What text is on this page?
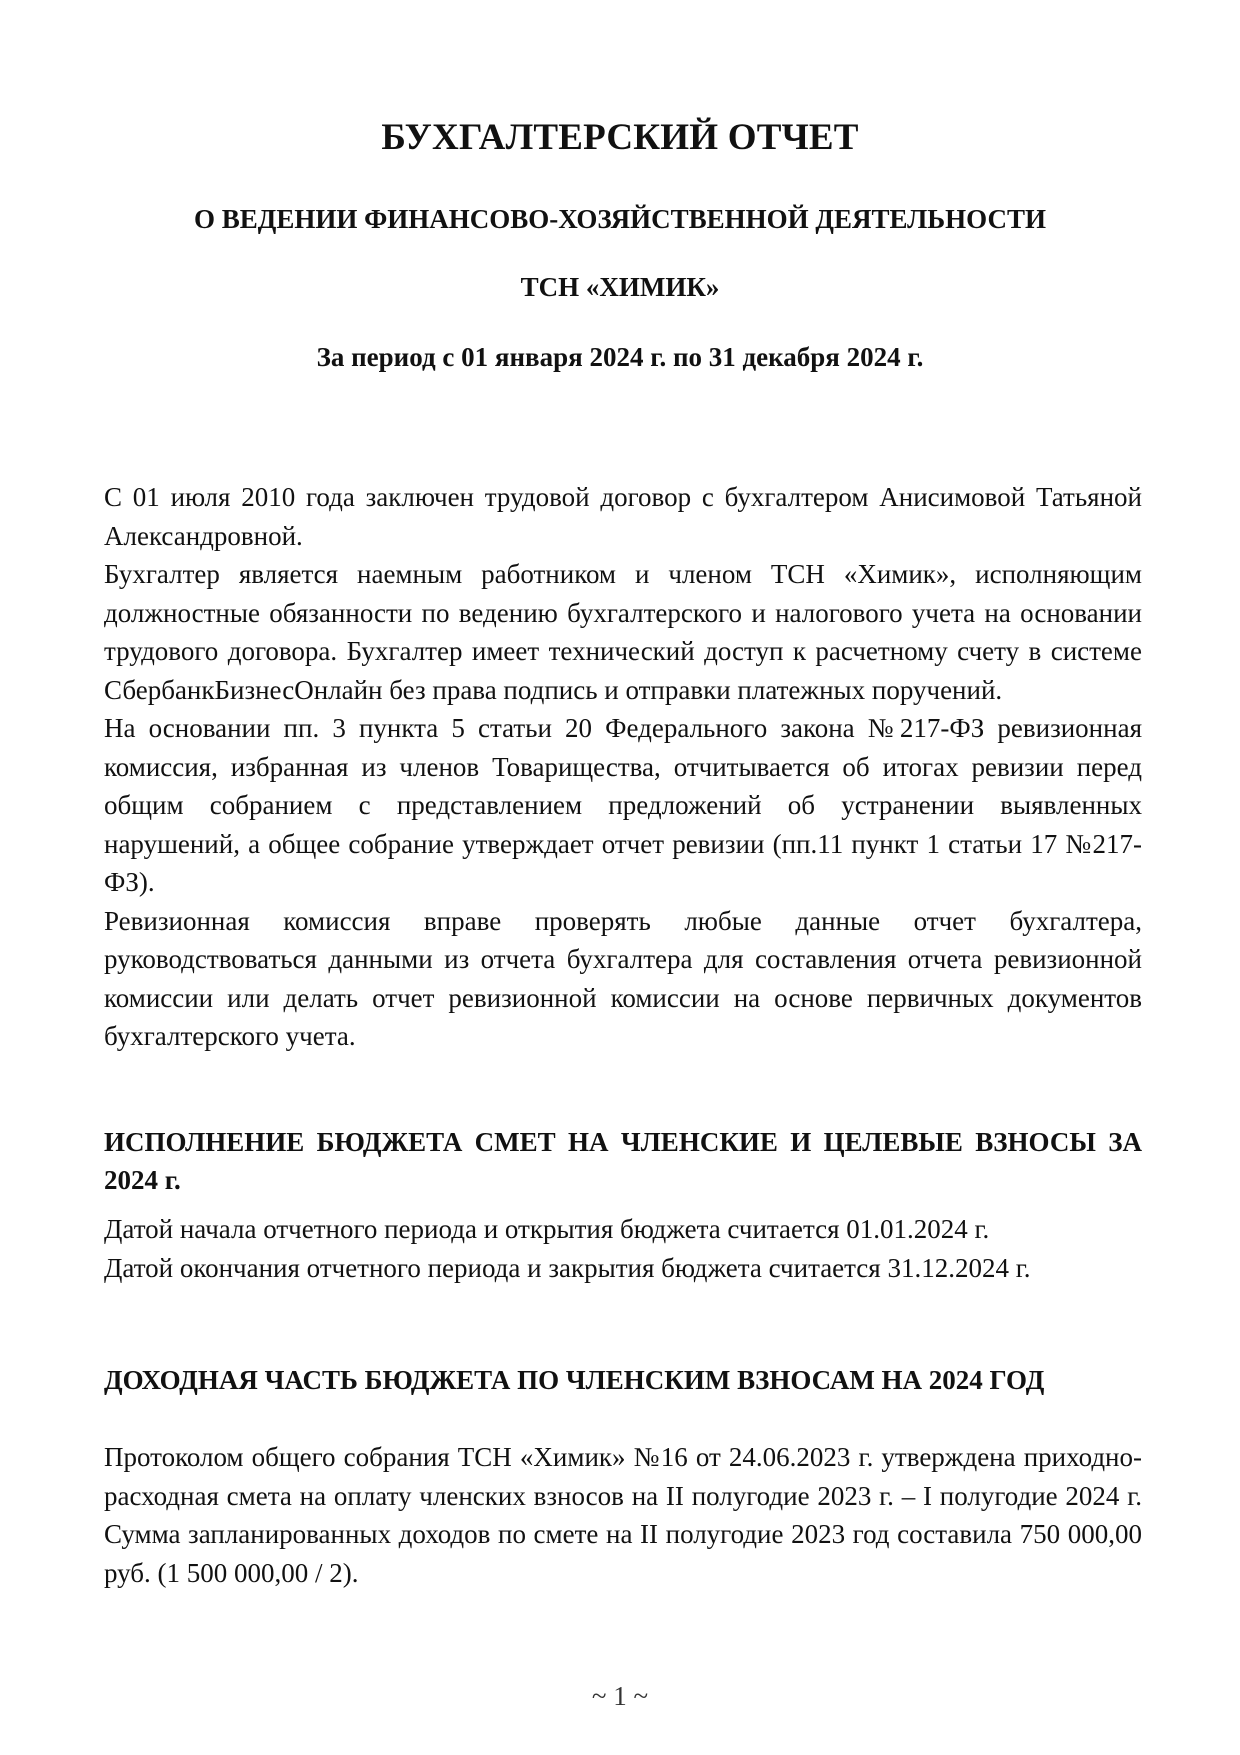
БУХГАЛТЕРСКИЙ ОТЧЕТ
О ВЕДЕНИИ ФИНАНСОВО-ХОЗЯЙСТВЕННОЙ ДЕЯТЕЛЬНОСТИ
ТСН «ХИМИК»
За период с 01 января 2024 г. по 31 декабря 2024 г.

С 01 июля 2010 года заключен трудовой договор с бухгалтером Анисимовой Татьяной Александровной.

Бухгалтер является наемным работником и членом ТСН «Химик», исполняющим должностные обязанности по ведению бухгалтерского и налогового учета на основании трудового договора. Бухгалтер имеет технический доступ к расчетному счету в системе СбербанкБизнесОнлайн без права подпись и отправки платежных поручений.

На основании пп. 3 пункта 5 статьи 20 Федерального закона №217-ФЗ ревизионная комиссия, избранная из членов Товарищества, отчитывается об итогах ревизии перед общим собранием с представлением предложений об устранении выявленных нарушений, а общее собрание утверждает отчет ревизии (пп.11 пункт 1 статьи 17 №217-ФЗ).

Ревизионная комиссия вправе проверять любые данные отчет бухгалтера, руководствоваться данными из отчета бухгалтера для составления отчета ревизионной комиссии или делать отчет ревизионной комиссии на основе первичных документов бухгалтерского учета.

ИСПОЛНЕНИЕ БЮДЖЕТА СМЕТ НА ЧЛЕНСКИЕ И ЦЕЛЕВЫЕ ВЗНОСЫ ЗА 2024 г.
Датой начала отчетного периода и открытия бюджета считается 01.01.2024 г.
Датой окончания отчетного периода и закрытия бюджета считается 31.12.2024 г.
ДОХОДНАЯ ЧАСТЬ БЮДЖЕТА ПО ЧЛЕНСКИМ ВЗНОСАМ НА 2024 ГОД

Протоколом общего собрания ТСН «Химик» №16 от 24.06.2023 г. утверждена приходно-расходная смета на оплату членских взносов на II полугодие 2023 г. – I полугодие 2024 г. Сумма запланированных доходов по смете на II полугодие 2023 год составила 750 000,00 руб. (1 500 000,00 / 2).

~ 1 ~
